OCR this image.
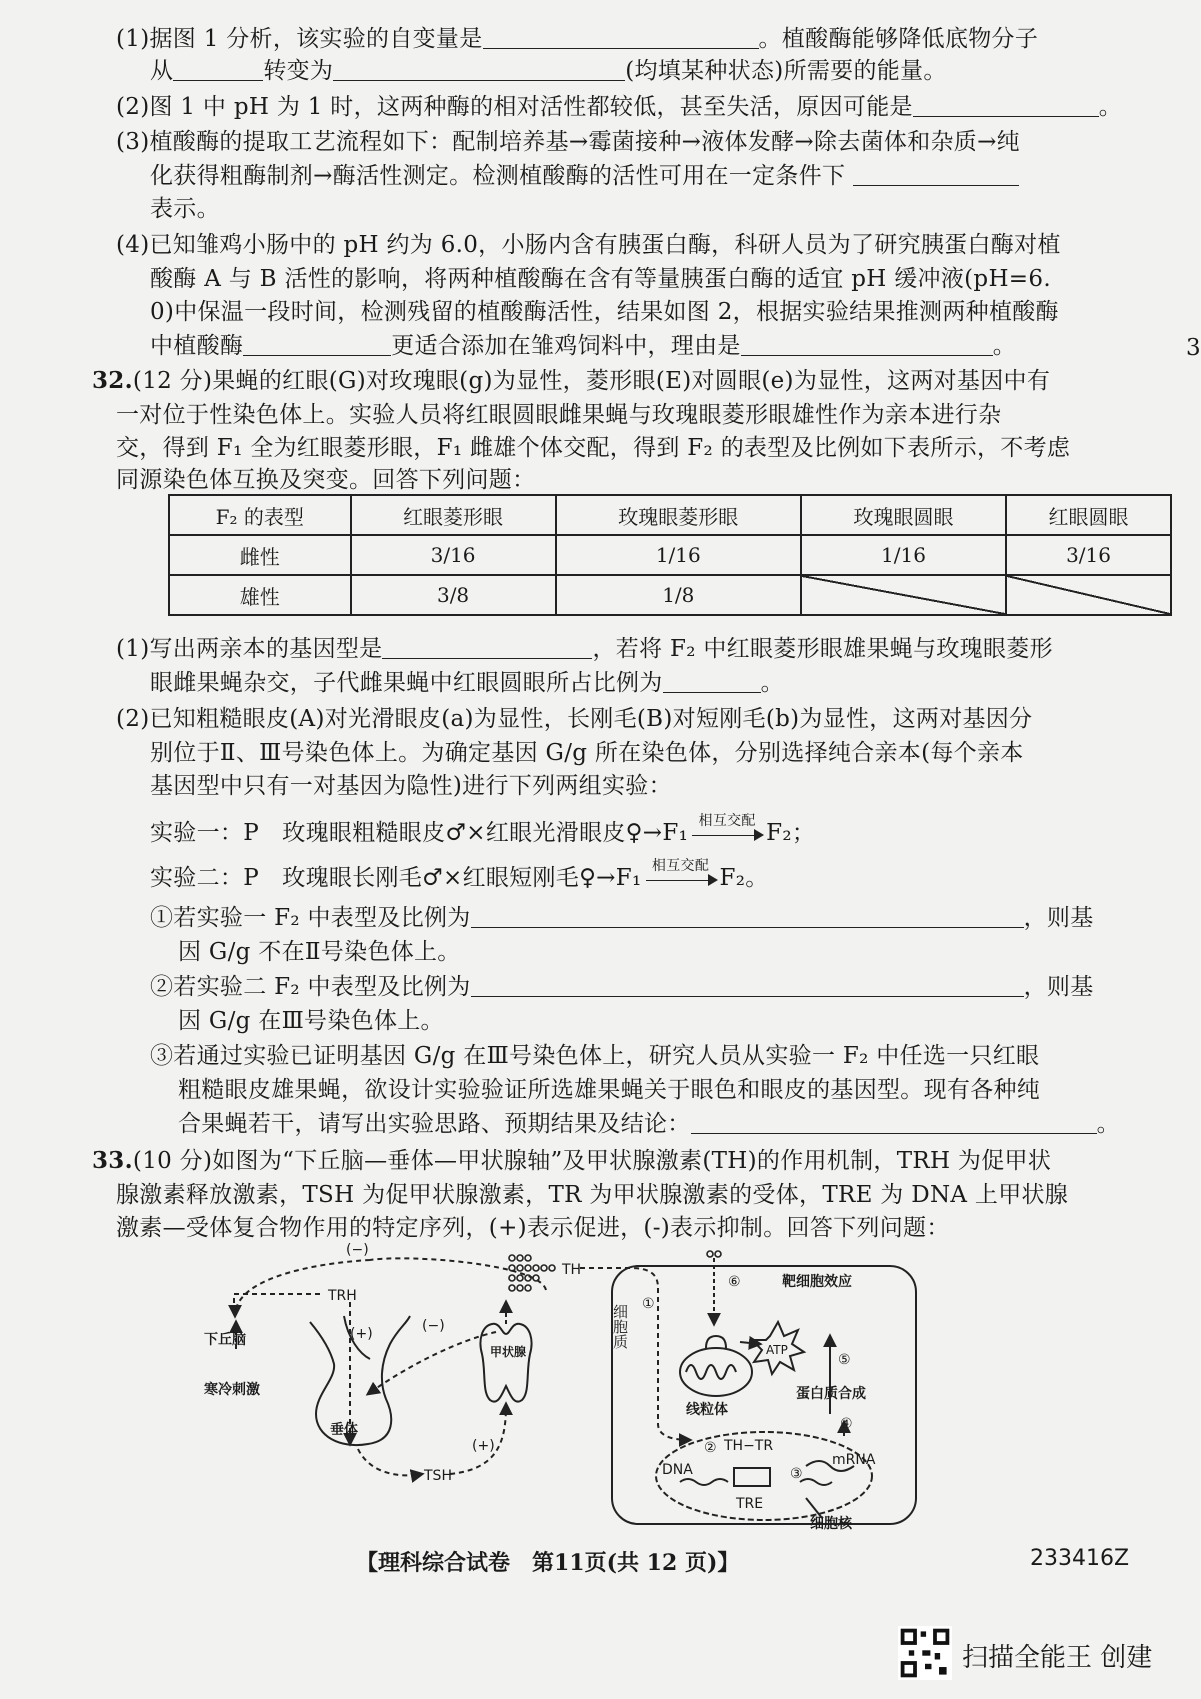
(1)据图 1 分析，该实验的自变量是	。植酸酶能够降低底物分子
从	转变为	(均填某种状态)所需要的能量。
(2)图 1 中 pH 为 1 时，这两种酶的相对活性都较低，甚至失活，原因可能是	。
(3)植酸酶的提取工艺流程如下：配制培养基→霉菌接种→液体发酵→除去菌体和杂质→纯
化获得粗酶制剂→酶活性测定。检测植酸酶的活性可用在一定条件下
表示。
(4)已知雏鸡小肠中的 pH 约为 6.0，小肠内含有胰蛋白酶，科研人员为了研究胰蛋白酶对植
酸酶 A 与 B 活性的影响，将两种植酸酶在含有等量胰蛋白酶的适宜 pH 缓冲液(pH=6.
0)中保温一段时间，检测残留的植酸酶活性，结果如图 2，根据实验结果推测两种植酸酶
中植酸酶	更适合添加在雏鸡饲料中，理由是	。	3
32.(12 分)果蝇的红眼(G)对玫瑰眼(g)为显性，菱形眼(E)对圆眼(e)为显性，这两对基因中有
一对位于性染色体上。实验人员将红眼圆眼雌果蝇与玫瑰眼菱形眼雄性作为亲本进行杂
交，得到 F₁ 全为红眼菱形眼，F₁ 雌雄个体交配，得到 F₂ 的表型及比例如下表所示，不考虑
同源染色体互换及突变。回答下列问题：
F₂ 的表型	红眼菱形眼	玫瑰眼菱形眼	玫瑰眼圆眼	红眼圆眼
雌性	3/16	1/16	1/16	3/16
雄性	3/8	1/8		
(1)写出两亲本的基因型是	，若将 F₂ 中红眼菱形眼雄果蝇与玫瑰眼菱形
眼雌果蝇杂交，子代雌果蝇中红眼圆眼所占比例为	。
(2)已知粗糙眼皮(A)对光滑眼皮(a)为显性，长刚毛(B)对短刚毛(b)为显性，这两对基因分
别位于Ⅱ、Ⅲ号染色体上。为确定基因 G/g 所在染色体，分别选择纯合亲本(每个亲本
基因型中只有一对基因为隐性)进行下列两组实验：
实验一：P　玫瑰眼粗糙眼皮♂×红眼光滑眼皮♀→F₁ 相互交配 F₂；
实验二：P　玫瑰眼长刚毛♂×红眼短刚毛♀→F₁ 相互交配 F₂。
①若实验一 F₂ 中表型及比例为	，则基
因 G/g 不在Ⅱ号染色体上。
②若实验二 F₂ 中表型及比例为	，则基
因 G/g 在Ⅲ号染色体上。
③若通过实验已证明基因 G/g 在Ⅲ号染色体上，研究人员从实验一 F₂ 中任选一只红眼
粗糙眼皮雄果蝇，欲设计实验验证所选雄果蝇关于眼色和眼皮的基因型。现有各种纯
合果蝇若干，请写出实验思路、预期结果及结论：	。
33.(10 分)如图为“下丘脑—垂体—甲状腺轴”及甲状腺激素(TH)的作用机制，TRH 为促甲状
腺激素释放激素，TSH 为促甲状腺激素，TR 为甲状腺激素的受体，TRE 为 DNA 上甲状腺
激素—受体复合物作用的特定序列，(+)表示促进，(-)表示抑制。回答下列问题：
(−)
TRH
TH
下丘脑
寒冷刺激
(+)	(−)
垂体
甲状腺
(+)
TSH
细胞质 ①
⑥	靶细胞效应
ATP
⑤
线粒体
蛋白质合成
④
② TH−TR
DNA	③
mRNA
TRE
细胞核
【理科综合试卷　第11页(共 12 页)】	233416Z
扫描全能王 创建
